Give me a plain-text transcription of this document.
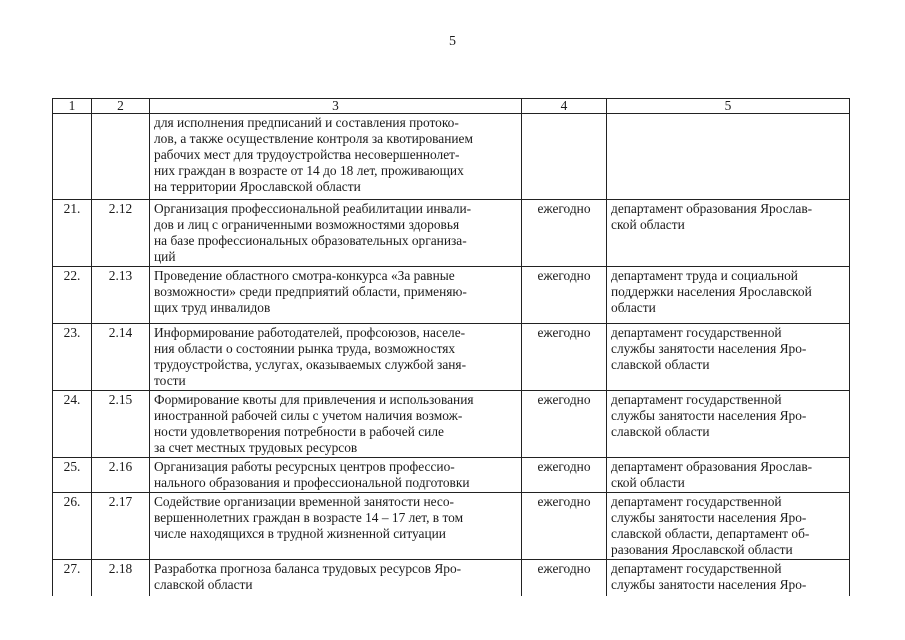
5
1	2	3	4	5

		для исполнения предписаний и составления протоко-
лов, а также осуществление контроля за квотированием
рабочих мест для трудоустройства несовершеннолет-
них граждан в возрасте от 14 до 18 лет, проживающих
на территории Ярославской области		

21.	2.12	Организация профессиональной реабилитации инвали-
дов и лиц с ограниченными возможностями здоровья
на базе профессиональных образовательных организа-
ций	ежегодно	департамент образования Ярослав-
ской области

22.	2.13	Проведение областного смотра-конкурса «За равные
возможности» среди предприятий области, применяю-
щих труд инвалидов	ежегодно	департамент труда и социальной
поддержки населения Ярославской
области

23.	2.14	Информирование работодателей, профсоюзов, населе-
ния области о состоянии рынка труда, возможностях
трудоустройства, услугах, оказываемых службой заня-
тости	ежегодно	департамент государственной
службы занятости населения Яро-
славской области

24.	2.15	Формирование квоты для привлечения и использования
иностранной рабочей силы с учетом наличия возмож-
ности удовлетворения потребности в рабочей силе
за счет местных трудовых ресурсов	ежегодно	департамент государственной
службы занятости населения Яро-
славской области

25.	2.16	Организация работы ресурсных центров профессио-
нального образования и профессиональной подготовки	ежегодно	департамент образования Ярослав-
ской области

26.	2.17	Содействие организации временной занятости несо-
вершеннолетних граждан в возрасте 14 – 17 лет, в том
числе находящихся в трудной жизненной ситуации	ежегодно	департамент государственной
службы занятости населения Яро-
славской области, департамент об-
разования Ярославской области

27.	2.18	Разработка прогноза баланса трудовых ресурсов Яро-
славской области	ежегодно	департамент государственной
службы занятости населения Яро-
